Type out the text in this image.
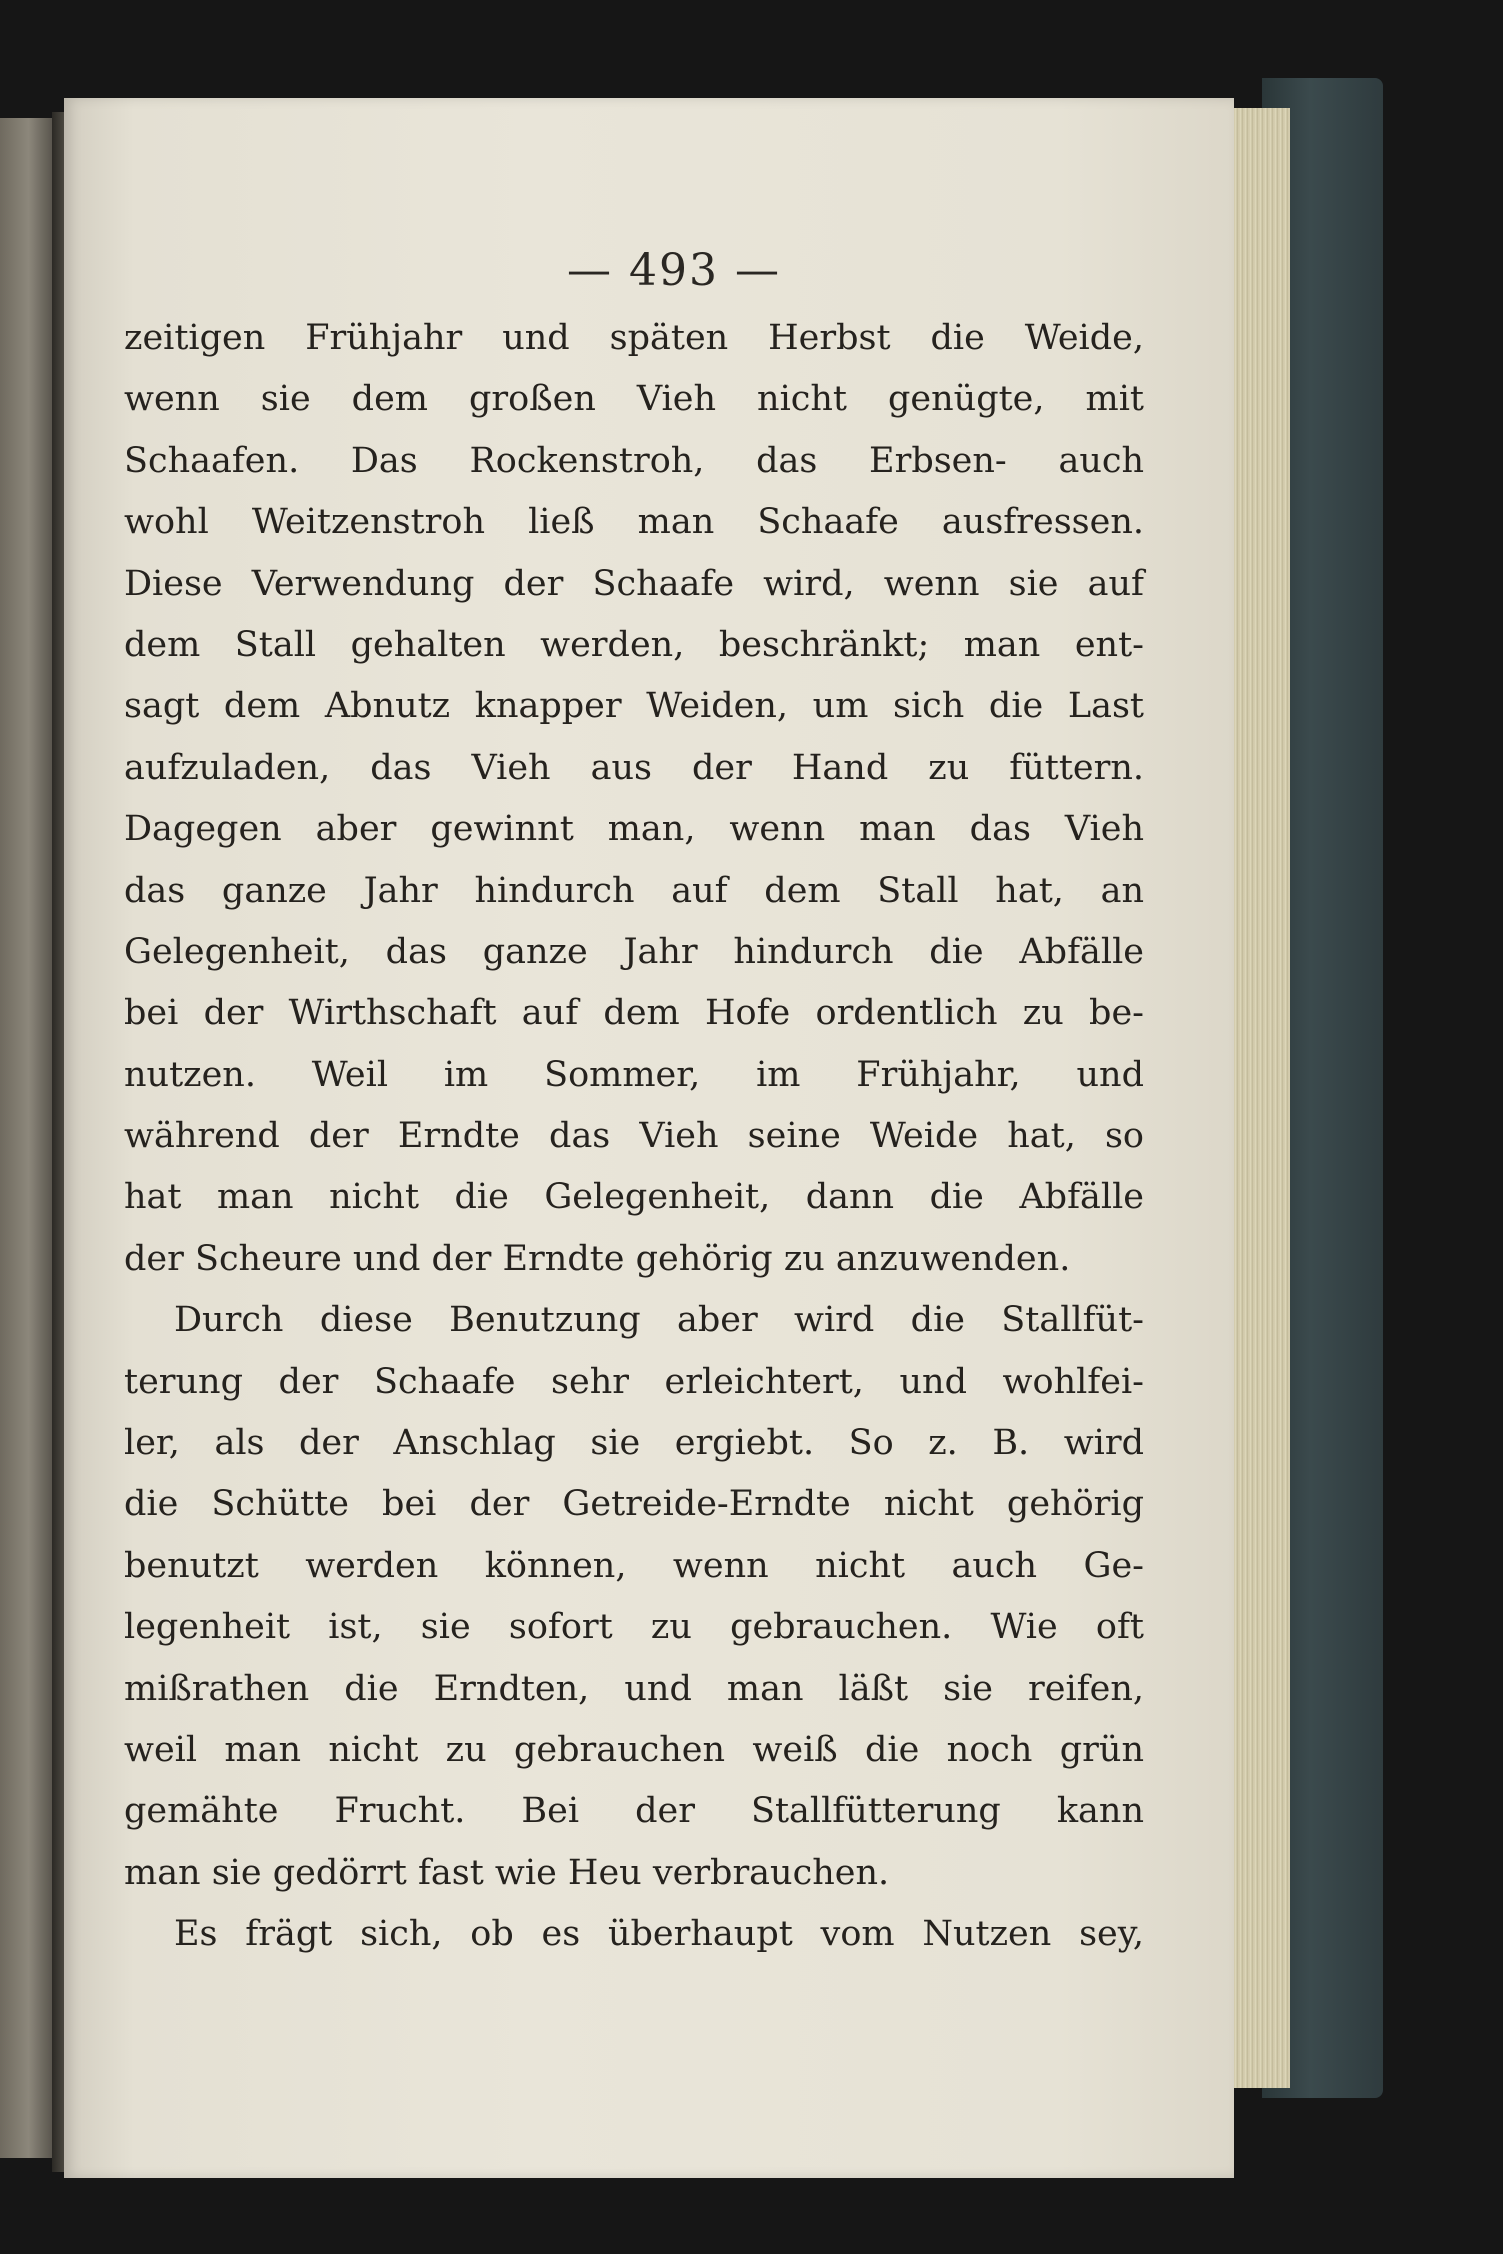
— 493 —
zeitigen Frühjahr und späten Herbst die Weide,
wenn sie dem großen Vieh nicht genügte, mit
Schaafen. Das Rockenstroh, das Erbsen- auch
wohl Weitzenstroh ließ man Schaafe ausfressen.
Diese Verwendung der Schaafe wird, wenn sie auf
dem Stall gehalten werden, beschränkt; man ent-
sagt dem Abnutz knapper Weiden, um sich die Last
aufzuladen, das Vieh aus der Hand zu füttern.
Dagegen aber gewinnt man, wenn man das Vieh
das ganze Jahr hindurch auf dem Stall hat, an
Gelegenheit, das ganze Jahr hindurch die Abfälle
bei der Wirthschaft auf dem Hofe ordentlich zu be-
nutzen. Weil im Sommer, im Frühjahr, und
während der Erndte das Vieh seine Weide hat, so
hat man nicht die Gelegenheit, dann die Abfälle
der Scheure und der Erndte gehörig zu anzuwenden.
Durch diese Benutzung aber wird die Stallfüt-
terung der Schaafe sehr erleichtert, und wohlfei-
ler, als der Anschlag sie ergiebt. So z. B. wird
die Schütte bei der Getreide-Erndte nicht gehörig
benutzt werden können, wenn nicht auch Ge-
legenheit ist, sie sofort zu gebrauchen. Wie oft
mißrathen die Erndten, und man läßt sie reifen,
weil man nicht zu gebrauchen weiß die noch grün
gemähte Frucht. Bei der Stallfütterung kann
man sie gedörrt fast wie Heu verbrauchen.
Es frägt sich, ob es überhaupt vom Nutzen sey,
